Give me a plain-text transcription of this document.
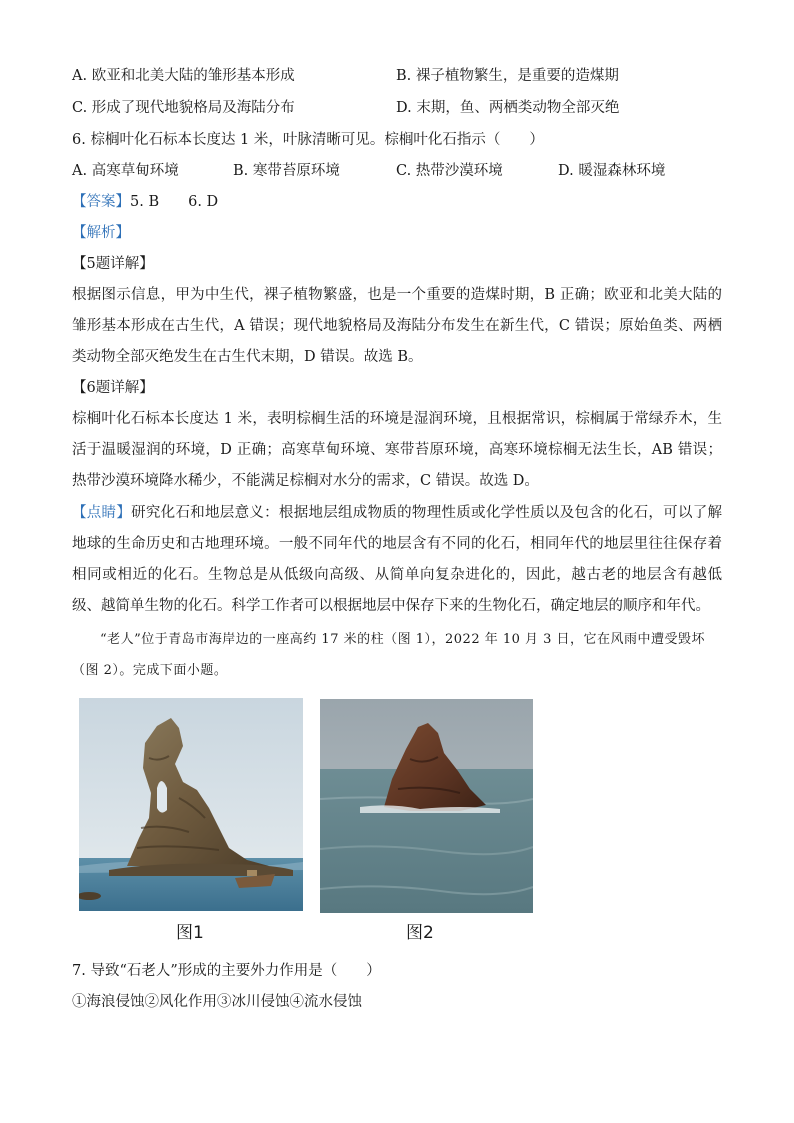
A. 欧亚和北美大陆的雏形基本形成	B. 裸子植物繁生，是重要的造煤期
C. 形成了现代地貌格局及海陆分布	D. 末期，鱼、两栖类动物全部灭绝
6. 棕榈叶化石标本长度达 1 米，叶脉清晰可见。棕榈叶化石指示（　　）
A. 高寒草甸环境	B. 寒带苔原环境	C. 热带沙漠环境	D. 暖湿森林环境
【答案】5. B　　6. D
【解析】
【5题详解】
根据图示信息，甲为中生代，裸子植物繁盛，也是一个重要的造煤时期，B 正确；欧亚和北美大陆的雏形基本形成在古生代，A 错误；现代地貌格局及海陆分布发生在新生代，C 错误；原始鱼类、两栖类动物全部灭绝发生在古生代末期，D 错误。故选 B。
【6题详解】
棕榈叶化石标本长度达 1 米，表明棕榈生活的环境是湿润环境，且根据常识，棕榈属于常绿乔木，生活于温暖湿润的环境，D 正确；高寒草甸环境、寒带苔原环境，高寒环境棕榈无法生长，AB 错误；热带沙漠环境降水稀少，不能满足棕榈对水分的需求，C 错误。故选 D。
【点睛】研究化石和地层意义：根据地层组成物质的物理性质或化学性质以及包含的化石，可以了解地球的生命历史和古地理环境。一般不同年代的地层含有不同的化石，相同年代的地层里往往保存着相同或相近的化石。生物总是从低级向高级、从简单向复杂进化的，因此，越古老的地层含有越低级、越简单生物的化石。科学工作者可以根据地层中保存下来的生物化石，确定地层的顺序和年代。
“老人”位于青岛市海岸边的一座高约 17 米的柱（图 1），2022 年 10 月 3 日，它在风雨中遭受毁坏（图 2）。完成下面小题。
图1	图2
7. 导致“石老人”形成的主要外力作用是（　　）
①海浪侵蚀②风化作用③冰川侵蚀④流水侵蚀
